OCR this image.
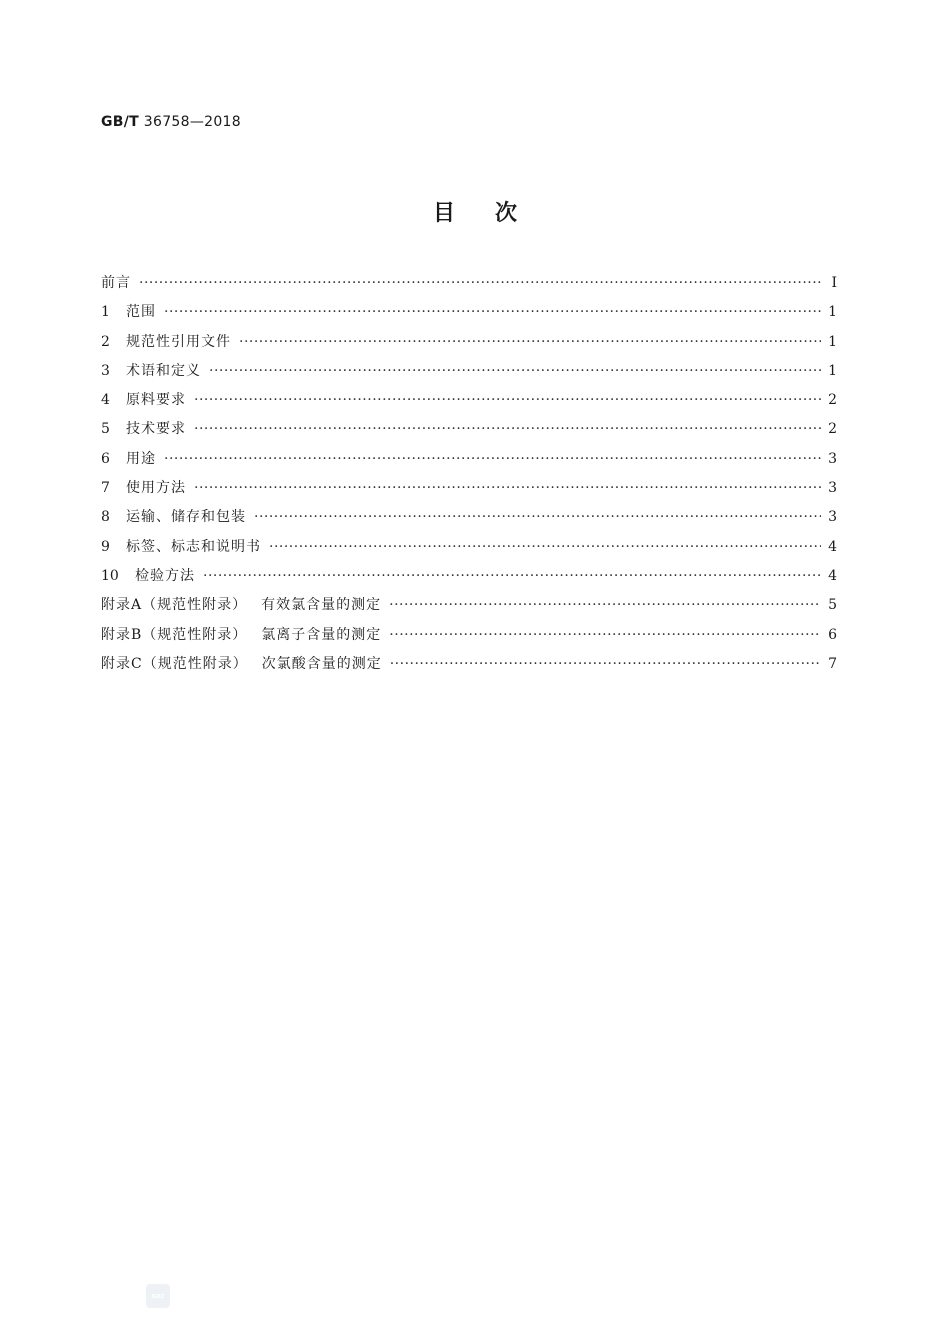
GB/T 36758—2018
目次
前言 ·····	Ⅰ
1	范围 ·····	1
2	规范性引用文件 ·····	1
3	术语和定义 ·····	1
4	原料要求 ·····	2
5	技术要求 ·····	2
6	用途 ·····	3
7	使用方法 ·····	3
8	运输、储存和包装 ·····	3
9	标签、标志和说明书 ·····	4
10	检验方法 ·····	4
附录A（规范性附录） 有效氯含量的测定 ·····	5
附录B（规范性附录） 氯离子含量的测定 ·····	6
附录C（规范性附录） 次氯酸含量的测定 ·····	7
sac
